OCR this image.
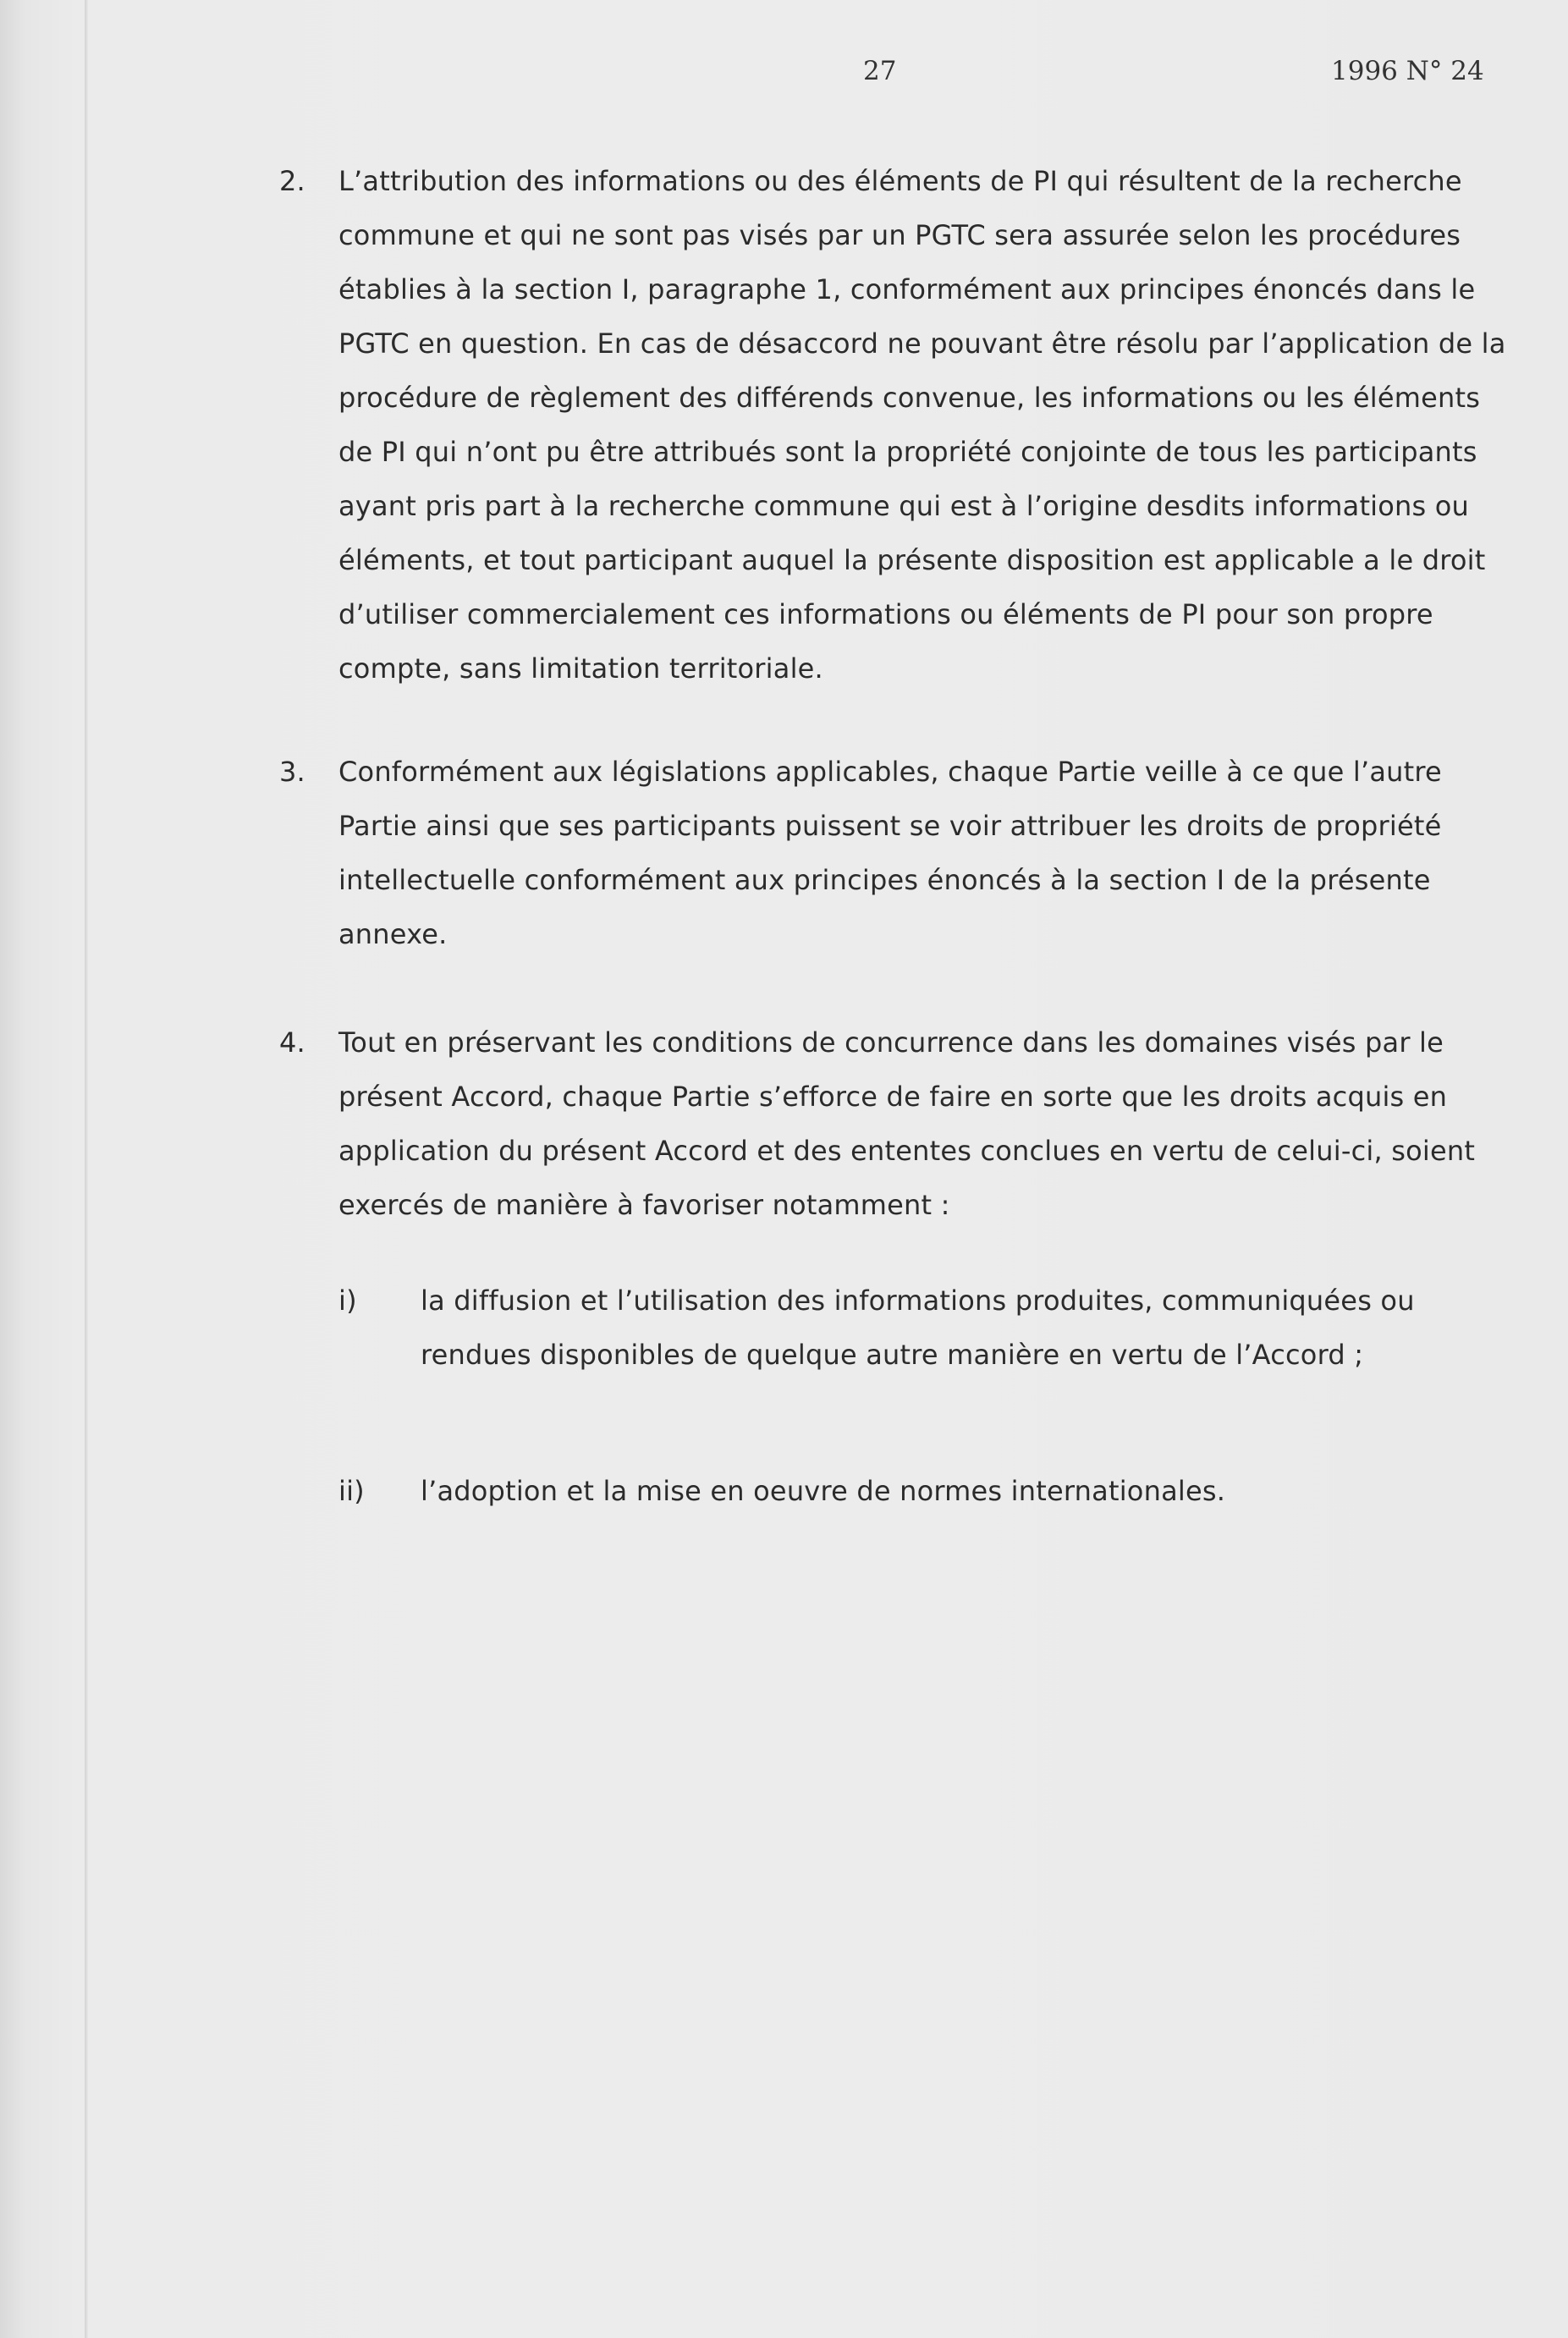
27	1996 N° 24
2. L’attribution des informations ou des éléments de PI qui résultent de la recherche commune et qui ne sont pas visés par un PGTC sera assurée selon les procédures établies à la section I, paragraphe 1, conformément aux principes énoncés dans le PGTC en question. En cas de désaccord ne pouvant être résolu par l’application de la procédure de règlement des différends convenue, les informations ou les éléments de PI qui n’ont pu être attribués sont la propriété conjointe de tous les participants ayant pris part à la recherche commune qui est à l’origine desdits informations ou éléments, et tout participant auquel la présente disposition est applicable a le droit d’utiliser commercialement ces informations ou éléments de PI pour son propre compte, sans limitation territoriale.
3. Conformément aux législations applicables, chaque Partie veille à ce que l’autre Partie ainsi que ses participants puissent se voir attribuer les droits de propriété intellectuelle conformément aux principes énoncés à la section I de la présente annexe.
4. Tout en préservant les conditions de concurrence dans les domaines visés par le présent Accord, chaque Partie s’efforce de faire en sorte que les droits acquis en application du présent Accord et des ententes conclues en vertu de celui-ci, soient exercés de manière à favoriser notamment :
i) la diffusion et l’utilisation des informations produites, communiquées ou rendues disponibles de quelque autre manière en vertu de l’Accord ;
ii) l’adoption et la mise en oeuvre de normes internationales.
